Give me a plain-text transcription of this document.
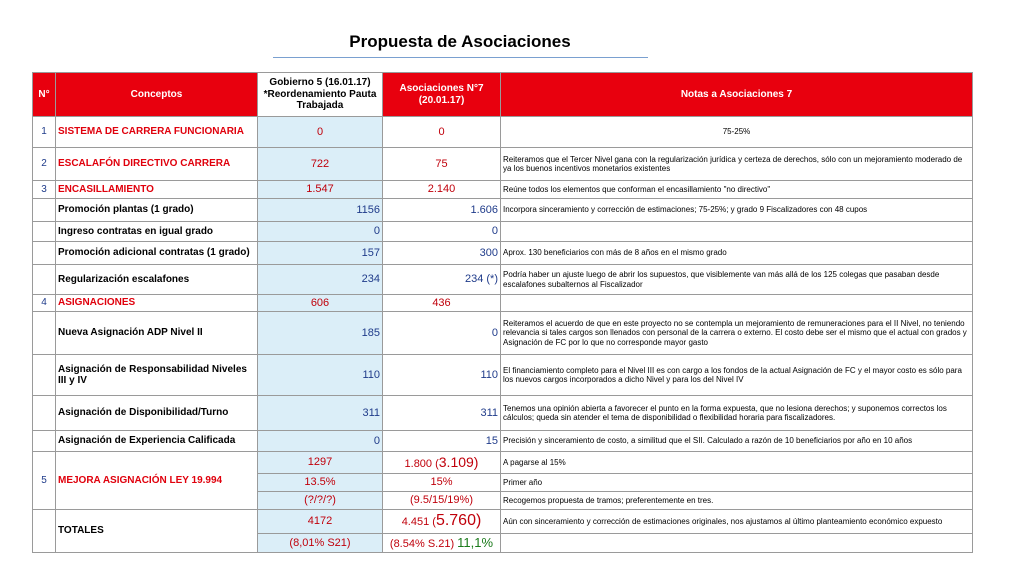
Propuesta de Asociaciones
N°	Conceptos	Gobierno 5 (16.01.17) *Reordenamiento Pauta Trabajada	Asociaciones N°7 (20.01.17)	Notas a Asociaciones 7
1	SISTEMA DE CARRERA FUNCIONARIA	0	0	75-25%
2	ESCALAFÓN DIRECTIVO CARRERA	722	75	Reiteramos que el Tercer Nivel gana con la regularización jurídica y certeza de derechos, sólo con un mejoramiento moderado de ya los buenos incentivos monetarios existentes
3	ENCASILLAMIENTO	1.547	2.140	Reúne todos los elementos que conforman el encasillamiento "no directivo"
	Promoción plantas (1 grado)	1156	1.606	Incorpora sinceramiento y corrección de estimaciones; 75-25%; y grado 9 Fiscalizadores con 48 cupos
	Ingreso contratas en igual grado	0	0	
	Promoción adicional contratas (1 grado)	157	300	Aprox. 130 beneficiarios con más de 8 años en el mismo grado
	Regularización escalafones	234	234 (*)	Podría haber un ajuste luego de abrir los supuestos, que visiblemente van más allá de los 125 colegas que pasaban desde escalafones subalternos al Fiscalizador
4	ASIGNACIONES	606	436	
	Nueva Asignación ADP Nivel II	185	0	Reiteramos el acuerdo de que en este proyecto no se contempla un mejoramiento de remuneraciones para el II Nivel, no teniendo relevancia si tales cargos son llenados con personal de la carrera o externo. El costo debe ser el mismo que el actual con grados y Asignación de FC por lo que no corresponde mayor gasto
	Asignación de Responsabilidad Niveles III y IV	110	110	El financiamiento completo para el Nivel III es con cargo a los fondos de la actual Asignación de FC y el mayor costo es sólo para los nuevos cargos incorporados a dicho Nivel y para los del Nivel IV
	Asignación de Disponibilidad/Turno	311	311	Tenemos una opinión abierta a favorecer el punto en la forma expuesta, que no lesiona derechos; y suponemos correctos los cálculos; queda sin atender el tema de disponibilidad o flexibilidad horaria para fiscalizadores.
	Asignación de Experiencia Calificada	0	15	Precisión y sinceramiento de costo, a similitud que el SII. Calculado a razón de 10 beneficiarios por año en 10 años
5	MEJORA ASIGNACIÓN LEY 19.994	1297	1.800 (3.109)	A pagarse al 15%
		13.5%	15%	Primer año
		(?/?/?)	(9.5/15/19%)	Recogemos propuesta de tramos; preferentemente en tres.
	TOTALES	4172	4.451 (5.760)	Aún con sinceramiento y corrección de estimaciones originales, nos ajustamos al último planteamiento económico expuesto
		(8,01% S21)	(8.54% S.21) 11,1%	
